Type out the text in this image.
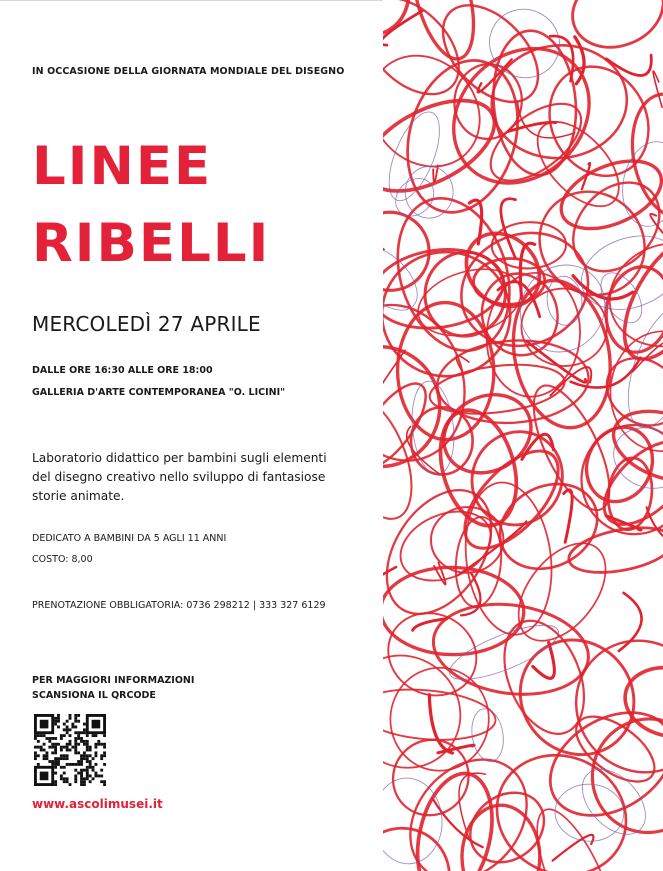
IN OCCASIONE DELLA GIORNATA MONDIALE DEL DISEGNO
LINEE
RIBELLI
MERCOLEDÌ 27 APRILE
DALLE ORE 16:30 ALLE ORE 18:00
GALLERIA D'ARTE CONTEMPORANEA "O. LICINI"
Laboratorio didattico per bambini sugli elementi
del disegno creativo nello sviluppo di fantasiose
storie animate.
DEDICATO A BAMBINI DA 5 AGLI 11 ANNI
COSTO: 8,00
PRENOTAZIONE OBBLIGATORIA: 0736 298212 | 333 327 6129
PER MAGGIORI INFORMAZIONI
SCANSIONA IL QRCODE
www.ascolimusei.it
